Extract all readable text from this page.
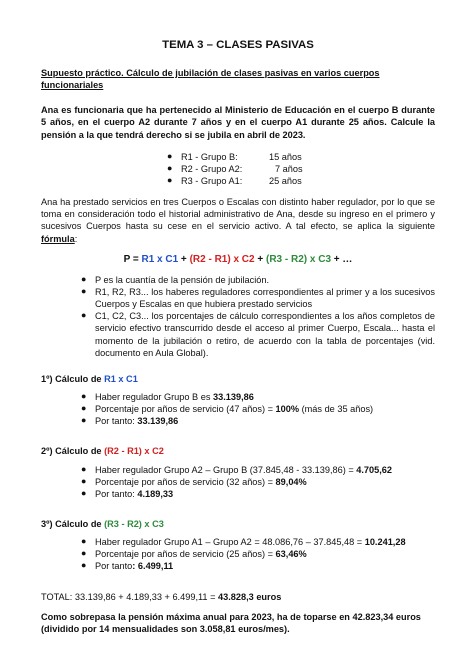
TEMA 3 – CLASES PASIVAS
Supuesto práctico. Cálculo de jubilación de clases pasivas en varios cuerpos funcionariales
Ana es funcionaria que ha pertenecido al Ministerio de Educación en el cuerpo B durante 5 años, en el cuerpo A2 durante 7 años y en el cuerpo A1 durante 25 años. Calcule la pensión a la que tendrá derecho si se jubila en abril de 2023.
● R1 - Grupo B:	15 años
● R2 - Grupo A2:	7 años
● R3 - Grupo A1:	25 años
Ana ha prestado servicios en tres Cuerpos o Escalas con distinto haber regulador, por lo que se toma en consideración todo el historial administrativo de Ana, desde su ingreso en el primero y sucesivos Cuerpos hasta su cese en el servicio activo. A tal efecto, se aplica la siguiente fórmula:
P = R1 x C1 + (R2 - R1) x C2 + (R3 - R2) x C3 + …
● P es la cuantía de la pensión de jubilación.
● R1, R2, R3... los haberes reguladores correspondientes al primer y a los sucesivos Cuerpos y Escalas en que hubiera prestado servicios
● C1, C2, C3... los porcentajes de cálculo correspondientes a los años completos de servicio efectivo transcurrido desde el acceso al primer Cuerpo, Escala... hasta el momento de la jubilación o retiro, de acuerdo con la tabla de porcentajes (vid. documento en Aula Global).
1º) Cálculo de R1 x C1
● Haber regulador Grupo B es 33.139,86
● Porcentaje por años de servicio (47 años) = 100% (más de 35 años)
● Por tanto: 33.139,86
2º) Cálculo de (R2 - R1) x C2
● Haber regulador Grupo A2 – Grupo B (37.845,48 - 33.139,86) = 4.705,62
● Porcentaje por años de servicio (32 años) = 89,04%
● Por tanto: 4.189,33
3º) Cálculo de (R3 - R2) x C3
● Haber regulador Grupo A1 – Grupo A2 = 48.086,76 – 37.845,48 = 10.241,28
● Porcentaje por años de servicio (25 años) = 63,46%
● Por tanto: 6.499,11
TOTAL: 33.139,86 + 4.189,33 + 6.499,11 = 43.828,3 euros
Como sobrepasa la pensión máxima anual para 2023, ha de toparse en 42.823,34 euros (dividido por 14 mensualidades son 3.058,81 euros/mes).
